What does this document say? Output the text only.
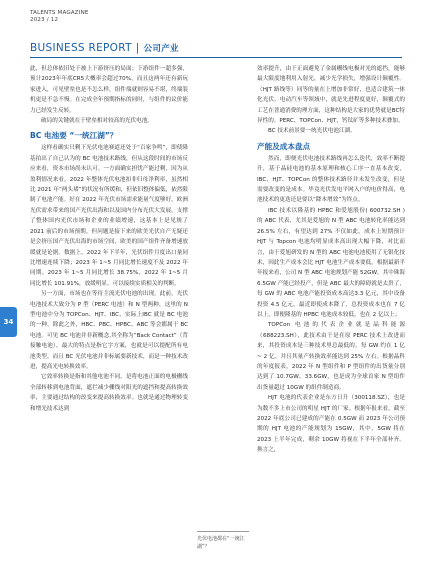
TALENTS MAGAZINE
2023 / 12
BUSINESS REPORT | 公司产业
34

此，但总体依旧处于被上下游挤压的局面；下游组件一超多强，预计2023年年底CR5大概率会超过70%，而且这两年还有新玩家进入，可见壁垒也是不怎么样，组件端就则容易不堪，终端装机更是不急不慢。在完成全年预期指标的同时，与组件的议价能力已经发生反转。

破局的关键就在于壁垒相对较高的光伏电池。

BC 电池要 “一统江湖”？

这样看确实只剩下光伏电池赛道还处于“百家争鸣”，即使隆基拍出了自己认为的 BC 电池技术路线，但从这段时间的市场反应来看，资本市场尚未认可。一方面确实担忧产能过剩，因为从盈利情况来看，2022 年整体光伏电池扣非归母净利率，虽然相比 2021 年“两头堵”的状况有所缓和，但依旧整体偏低，依然限制了电池产能。好在 2022 年光伏市场需求能量气度够好，欧洲光伏需求带来的国产光伏出海和以及国内分布光伏大发展，支撑了整体国内光伏市场和企业的业绩增速，这基本上是见规了 2021 前后的市场预期。但问题是接下来的欧美光伏自产无疑还是会挤压国产光伏出海的市场空间，欧美的国产组件齐备增速放缓就是论据。数据上，2022 年下半年，光伏组件月度出口量同比增速连续下降；2023 年 1~5 月同比增长速度不及 2022 年同期。2023 年 1~5 月同比增长 38.75%，2022 年 1~5 月同比增长 101.91%，放缓明显。可以接续实质相关的判断。

另一方面，市场也在等待主流光伏电池的出现。此前，光伏电池技术大致分为 P 型（PERC 电池）和 N 型两种，这里的 N 型电池中分为 TOPCon、HJT、IBC，实际上IBC 就是 BC 电池的一种，除此之外，HBC、PBC、HPBC、ABC 等会都属于 BC 电池。可见 BC 电池并非新概念,其全称为“Back Contact”（背接触电池），最大的特点是指它字方案，也就是可以提配所有电池类型。而且 BC 光伏电池并非标属要新技术，而是一种技术改进，提高光电转换效率。

它效率转换是指和其他电池不同，是将电池正面的电极栅线全部转移到电池背面，遮拦减少栅线对阳光的遮挡和提高转换效率，主要通过结构的改变来提高转换效率。也就是通过物理转变和增光技术达到

光伏电池都在“一统江湖”？

效率提升，由于正面避免了金属栅线电极对光的遮挡，能够最大限度地利用入射光，减少光学损失，增强设计颠覆性。（HJT 路线等）同等的量在上增加非常好，也适合建筑一体化光伏、电动汽车等领域中，就是先进程度更好，颠覆式的工艺在普通消费的理方面，这种结构是大家的优势就是BC特异性的。PERC、TOPCon、HJT，钙钛矿等多种技术叠加。

BC 技术前景要一统光伏电池江湖。

产能及成本盘点

然而，即便光伏电池技术路线再怎么迭代，效率不断提升，基于晶硅电池的基本原理和核心工序一直基本改变，IBC、HJT、TOPCon 的整体技术路径并未发生改变，但是需要改变的是成本。毕竟光伏发电平网入户的电价得高，电池技术的更迭还是要以“降本增效”为终点。

IBC 技术以隆基的 HPBC 和爱旭股份( 600732.SH ) 的 ABC 代表，尤其是爱旭的 N 型 ABC 电池转化率能达到 26.5% 左右，有望达到 27% 不仅如此，成本上短期预计 HJT 与 Topcon 电池均明显成本高出现大幅下降，对比而言，由于爱旭研发的 N 型的 ABC 电池电池使用了无银化技术，因此生产成本会比 HJT 电池生产成本要低。根据最新半年报来看，公司 N 型 ABC 电池规划产能 52GW，其中珠海 6.5GW 产能已经投产，但是 ABC 最大的障碍就是太贵了，每 GW 的 ABC 电池产能投资成本高达3.3 亿元，其中设备投资 4.5 亿元，最近即使成本降了，总投资成本也在 7 亿以上，即便隆基的 HPBC 电池成本较低，也在 2 亿以上；

TOPCon 电池的代表企业就是晶科能源（688223.SH），此技术由于是在原 PERC 技术上改进而来，其投资成本是三种技术里总最低的，每 GW 约在 1 亿 ~ 2 亿。并且其量产转换效率能达到 25% 左右。根据晶科的年度报表，2022 年 N 型组件和 P 型组件的出货量分别达到了 10.7GW、33.6GW，也是成为全球首家 N 型组件出货量超过 10GW 的组件制造商。

HJT 电池的代表企业是东方日升（300118.SZ），也是为数不多上市公司的明星 HJT 的厂家。根据年报来看，截至 2022 年底公司已建成的产能在 0.5GW 而 2023 年公司预期的 HJT 电池的产能规划为 15GW，其中，5GW 将在 2023 上半年完成，剩余 10GW 将视在下半年全部补齐。换言之，
